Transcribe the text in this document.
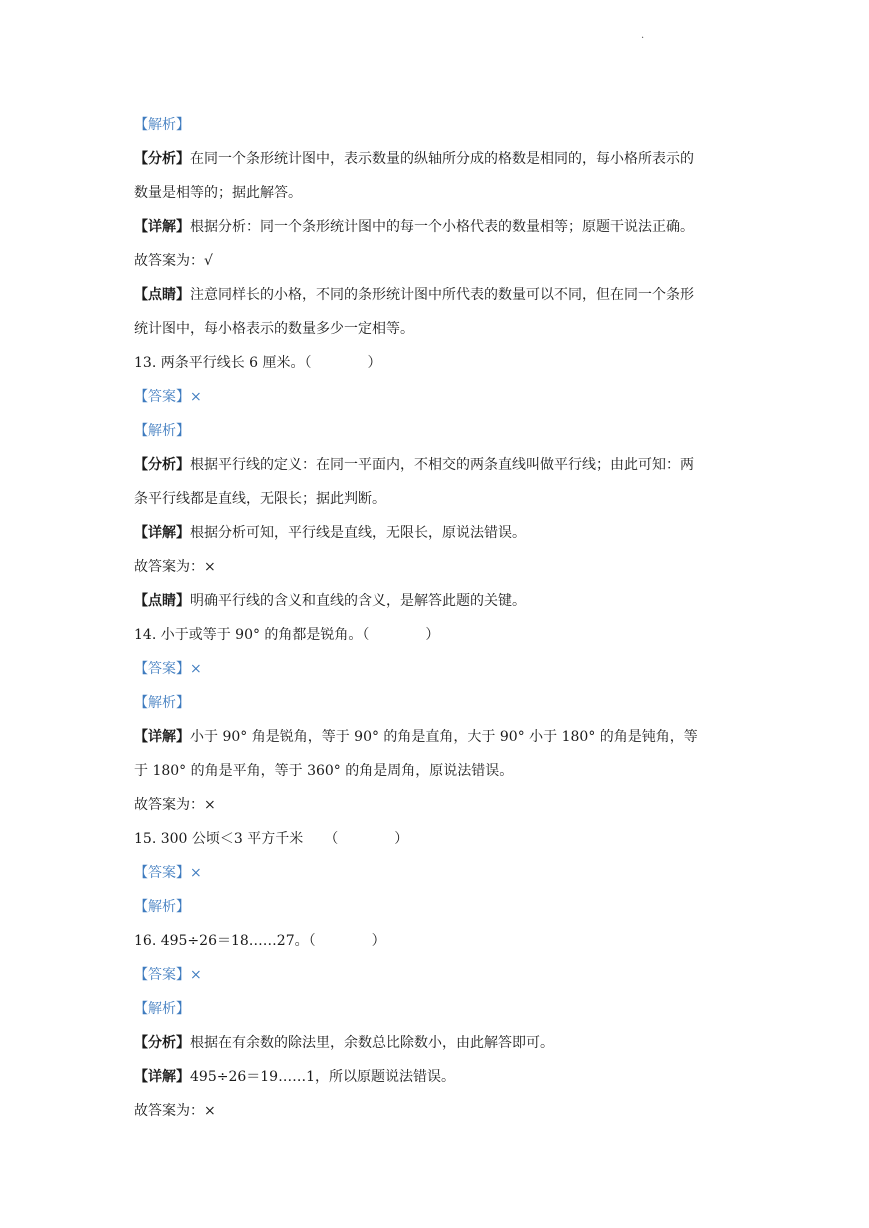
.
【解析】
【分析】在同一个条形统计图中，表示数量的纵轴所分成的格数是相同的，每小格所表示的
数量是相等的；据此解答。
【详解】根据分析：同一个条形统计图中的每一个小格代表的数量相等；原题干说法正确。
故答案为：√
【点睛】注意同样长的小格，不同的条形统计图中所代表的数量可以不同，但在同一个条形
统计图中，每小格表示的数量多少一定相等。
13. 两条平行线长 6 厘米。（　　　　）
【答案】×
【解析】
【分析】根据平行线的定义：在同一平面内，不相交的两条直线叫做平行线；由此可知：两
条平行线都是直线，无限长；据此判断。
【详解】根据分析可知，平行线是直线，无限长，原说法错误。
故答案为：×
【点睛】明确平行线的含义和直线的含义，是解答此题的关键。
14. 小于或等于 90° 的角都是锐角。（　　　　）
【答案】×
【解析】
【详解】小于 90° 角是锐角，等于 90° 的角是直角，大于 90° 小于 180° 的角是钝角，等
于 180° 的角是平角，等于 360° 的角是周角，原说法错误。
故答案为：×
15. 300 公顷＜3 平方千米　　（　　　　）
【答案】×
【解析】
16. 495÷26＝18……27。（　　　　）
【答案】×
【解析】
【分析】根据在有余数的除法里，余数总比除数小，由此解答即可。
【详解】495÷26＝19……1，所以原题说法错误。
故答案为：×
